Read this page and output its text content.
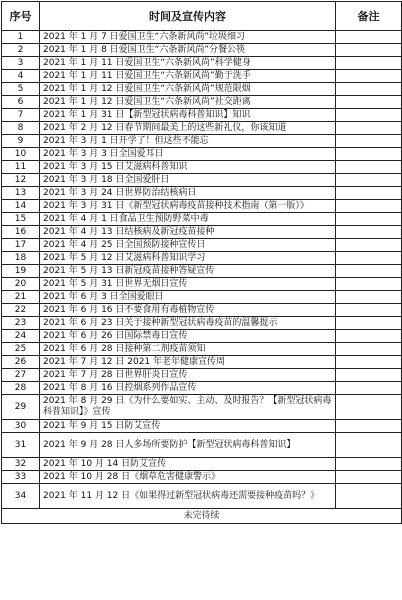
序号	时间及宣传内容	备注
1	2021 年 1 月 7 日爱国卫生“六条新风尚”垃圾细习	
2	2021 年 1 月 8 日爱国卫生“六条新风尚”分餐公筷	
3	2021 年 1 月 11 日爱国卫生“六条新风尚”科学健身	
4	2021 年 1 月 11 日爱国卫生“六条新风尚”勤于洗手	
5	2021 年 1 月 12 日爱国卫生“六条新风尚”规范限烟	
6	2021 年 1 月 12 日爱国卫生“六条新风尚”社交距离	
7	2021 年 1 月 31 日【新型冠状病毒科普知识】知识	
8	2021 年 2 月 12 日春节期间最美上的这些新礼仪，你该知道	
9	2021 年 3 月 1 日开学了！但这些不能忘	
10	2021 年 3 月 3 日全国爱耳日	
11	2021 年 3 月 15 日艾滋病科普知识	
12	2021 年 3 月 18 日全国爱肝日	
13	2021 年 3 月 24 日世界防治结核病日	
14	2021 年 3 月 31 日《新型冠状病毒疫苗接种技术指南（第一版）》	
15	2021 年 4 月 1 日食品卫生预防野菜中毒	
16	2021 年 4 月 13 日结核病及新冠疫苗接种	
17	2021 年 4 月 25 日全国预防接种宣传日	
18	2021 年 5 月 12 日艾滋病科普知识学习	
19	2021 年 5 月 13 日新冠疫苗接种答疑宣传	
20	2021 年 5 月 31 日世界无烟日宣传	
21	2021 年 6 月 3 日全国爱眼日	
22	2021 年 6 月 16 日不要食用有毒植物宣传	
23	2021 年 6 月 23 日关于接种新型冠状病毒疫苗的温馨提示	
24	2021 年 6 月 26 日国际禁毒日宣传	
25	2021 年 6 月 28 日接种第二剂疫苗须知	
26	2021 年 7 月 12 日 2021 年老年健康宣传周	
27	2021 年 7 月 28 日世界肝炎日宣传	
28	2021 年 8 月 16 日控烟系列作品宣传	
29	2021 年 8 月 29 日《为什么要如实、主动、及时报告？【新型冠状病毒科普知识】》宣传	
30	2021 年 9 月 15 日防艾宣传	
31	2021 年 9 月 28 日人多场所要防护【新型冠状病毒科普知识】	
32	2021 年 10 月 14 日防艾宣传	
33	2021 年 10 月 28 日《烟草危害健康警示》	
34	2021 年 11 月 12 日《如果得过新型冠状病毒还需要接种疫苗吗？》	
未完待续		
